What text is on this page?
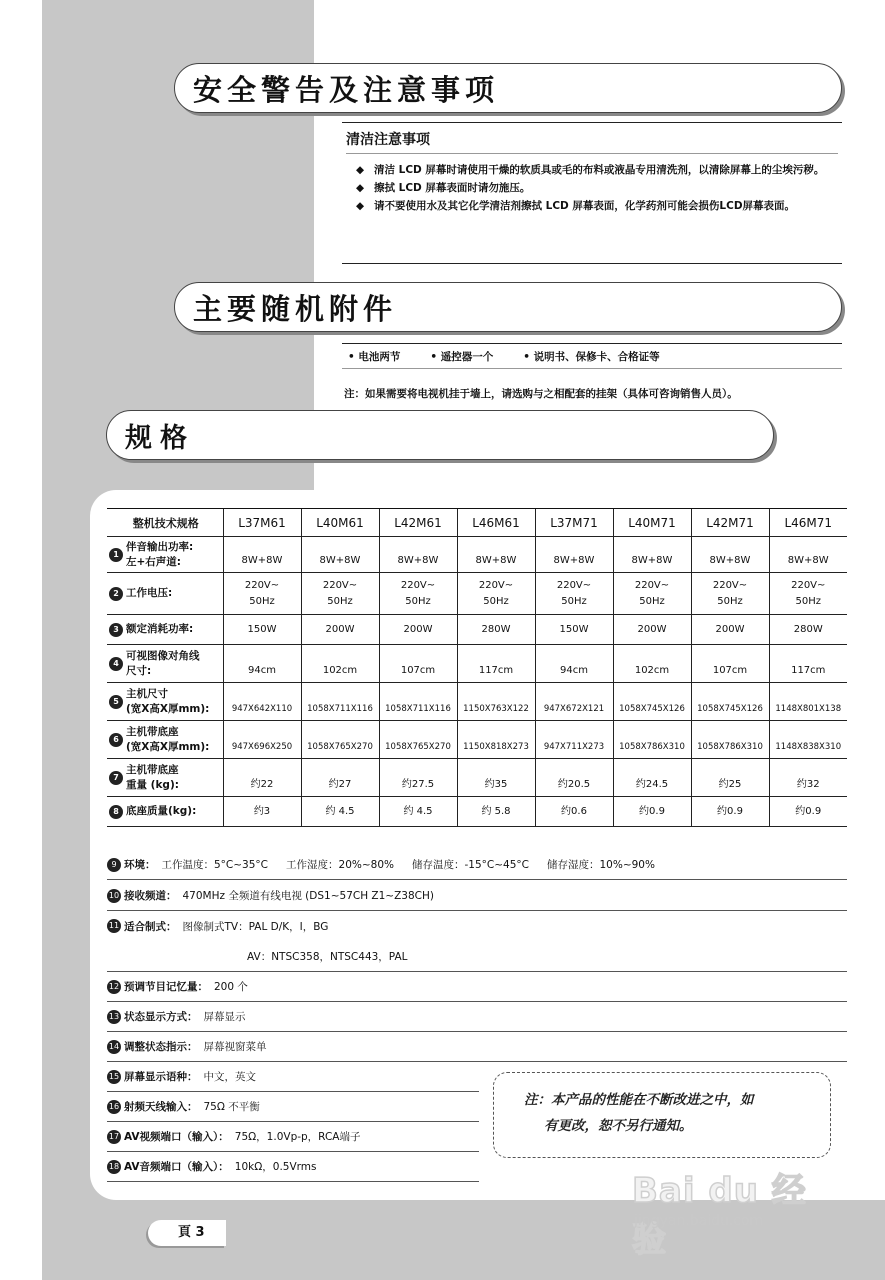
安全警告及注意事项
清洁注意事项
◆ 清洁 LCD 屏幕时请使用干燥的软质具或毛的布料或液晶专用清洗剂，以清除屏幕上的尘埃污秽。
◆ 擦拭 LCD 屏幕表面时请勿施压。
◆ 请不要使用水及其它化学清洁剂擦拭 LCD 屏幕表面，化学药剂可能会损伤LCD屏幕表面。
主要随机附件
• 电池两节	• 遥控器一个	• 说明书、保修卡、合格证等
注：如果需要将电视机挂于墙上，请选购与之相配套的挂架（具体可咨询销售人员）。
规格
整机技术规格	L37M61	L40M61	L42M61	L46M61	L37M71	L40M71	L42M71	L46M71
1
伴音输出功率:
左+右声道:	8W+8W	8W+8W	8W+8W	8W+8W	8W+8W	8W+8W	8W+8W	8W+8W
2 工作电压:	220V~ 50Hz	220V~ 50Hz	220V~ 50Hz	220V~ 50Hz	220V~ 50Hz	220V~ 50Hz	220V~ 50Hz	220V~ 50Hz
3 额定消耗功率:	150W	200W	200W	280W	150W	200W	200W	280W
4
可视图像对角线
尺寸:	94cm	102cm	107cm	117cm	94cm	102cm	107cm	117cm
5
主机尺寸
(宽X高X厚mm):	947X642X110	1058X711X116	1058X711X116	1150X763X122	947X672X121	1058X745X126	1058X745X126	1148X801X138
6
主机带底座
(宽X高X厚mm):	947X696X250	1058X765X270	1058X765X270	1150X818X273	947X711X273	1058X786X310	1058X786X310	1148X838X310
7
主机带底座
重量 (kg):	约22	约27	约27.5	约35	约20.5	约24.5	约25	约32
8 底座质量(kg):	约3	约 4.5	约 4.5	约 5.8	约0.6	约0.9	约0.9	约0.9
9 环境： 工作温度：5°C~35°C 工作湿度：20%~80% 储存温度：-15°C~45°C 储存湿度：10%~90%
10 接收频道： 470MHz 全频道有线电视 (DS1~57CH Z1~Z38CH)
11 适合制式： 图像制式TV：PAL D/K，I，BG
AV：NTSC358，NTSC443，PAL
12 预调节目记忆量： 200 个
13 状态显示方式： 屏幕显示
14 调整状态指示： 屏幕视窗菜单
15 屏幕显示语种： 中文，英文
16 射频天线输入： 75Ω 不平衡
17 AV视频端口（输入）： 75Ω，1.0Vp-p，RCA端子
18 AV音频端口（输入）： 10kΩ，0.5Vrms
注：本产品的性能在不断改进之中，如
有更改，恕不另行通知。
頁 3
Bai du 经验
jingyan.baidu.com
